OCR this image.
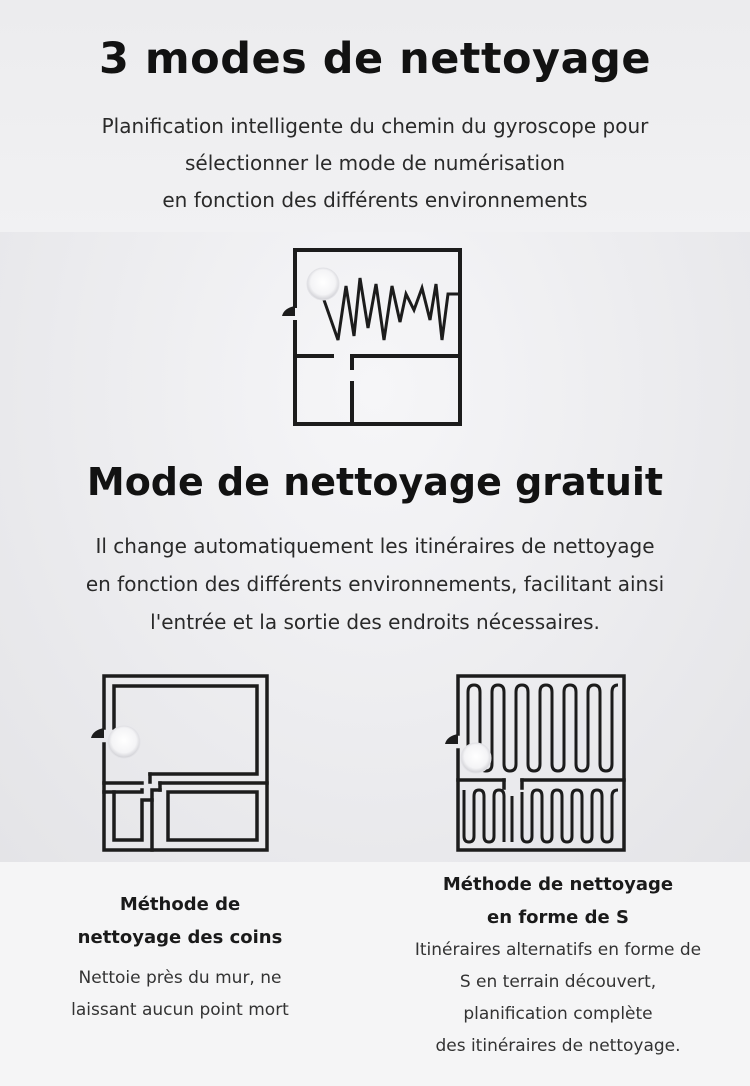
3 modes de nettoyage
Planification intelligente du chemin du gyroscope pour
sélectionner le mode de numérisation
en fonction des différents environnements
Mode de nettoyage gratuit
Il change automatiquement les itinéraires de nettoyage
en fonction des différents environnements, facilitant ainsi
l'entrée et la sortie des endroits nécessaires.
Méthode de
nettoyage des coins
Nettoie près du mur, ne
laissant aucun point mort
Méthode de nettoyage
en forme de S
Itinéraires alternatifs en forme de
S en terrain découvert,
planification complète
des itinéraires de nettoyage.
